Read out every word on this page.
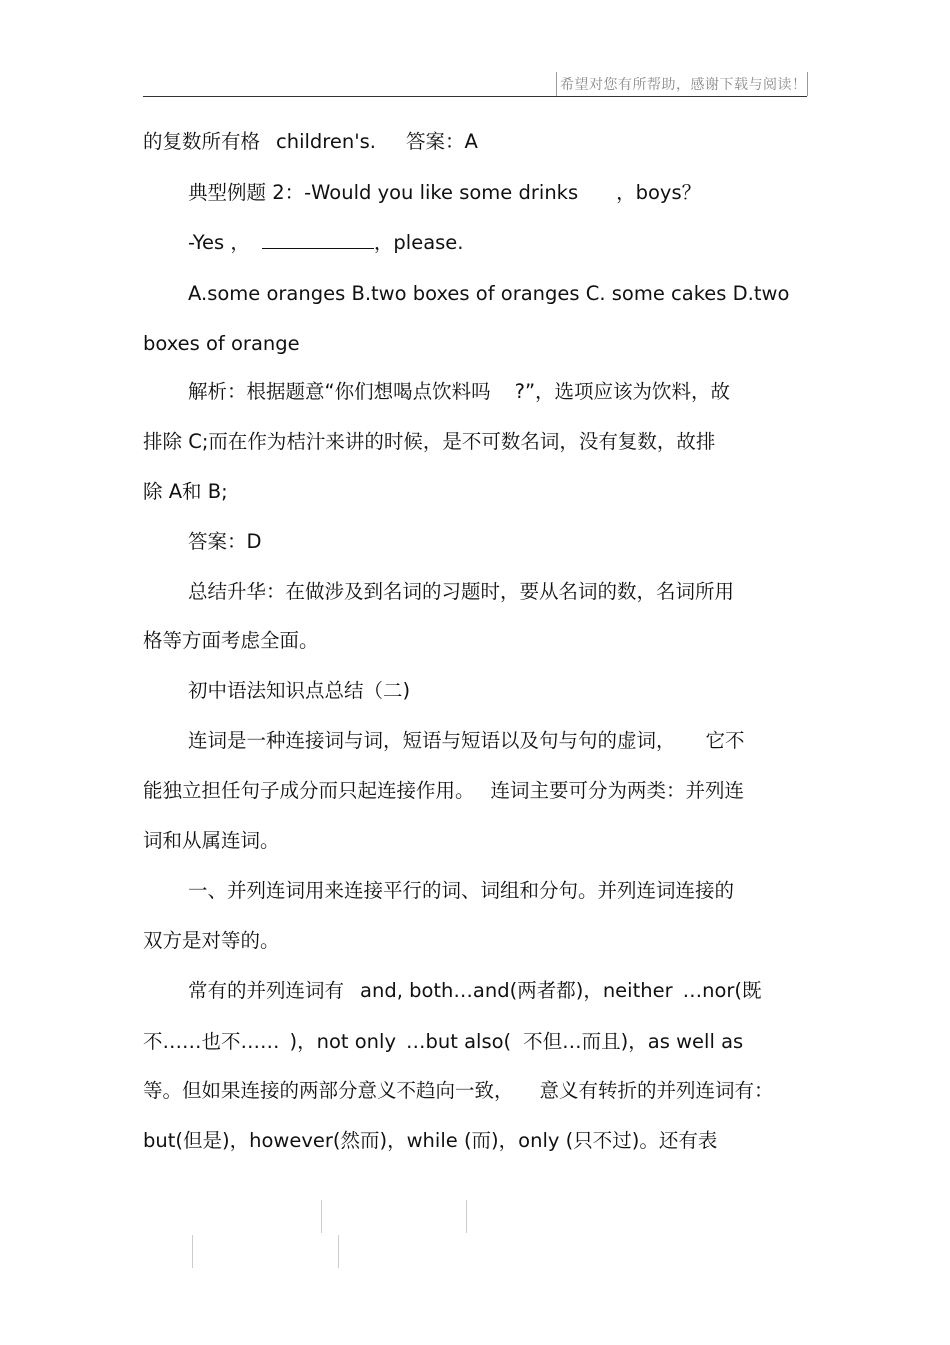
希望对您有所帮助，感谢下载与阅读！
的复数所有格 children's. 答案：A
典型例题 2：-Would you like some drinks ，boys？
-Yes ，	，please.
A.some oranges B.two boxes of oranges C. some cakes D.two
boxes of orange
解析：根据题意“你们想喝点饮料吗 ?”，选项应该为饮料，故
排除 C;而在作为桔汁来讲的时候，是不可数名词，没有复数，故排
除 A和 B;
答案：D
总结升华：在做涉及到名词的习题时，要从名词的数，名词所用
格等方面考虑全面。
初中语法知识点总结（二)
连词是一种连接词与词，短语与短语以及句与句的虚词， 它不
能独立担任句子成分而只起连接作用。 连词主要可分为两类：并列连
词和从属连词。
一、并列连词用来连接平行的词、词组和分句。并列连词连接的
双方是对等的。
常有的并列连词有 and, both…and(两者都)，neither …nor(既
不……也不…… )，not only …but also( 不但…而且)，as well as
等。但如果连接的两部分意义不趋向一致， 意义有转折的并列连词有：
but(但是)，however(然而)，while (而)，only (只不过)。还有表
